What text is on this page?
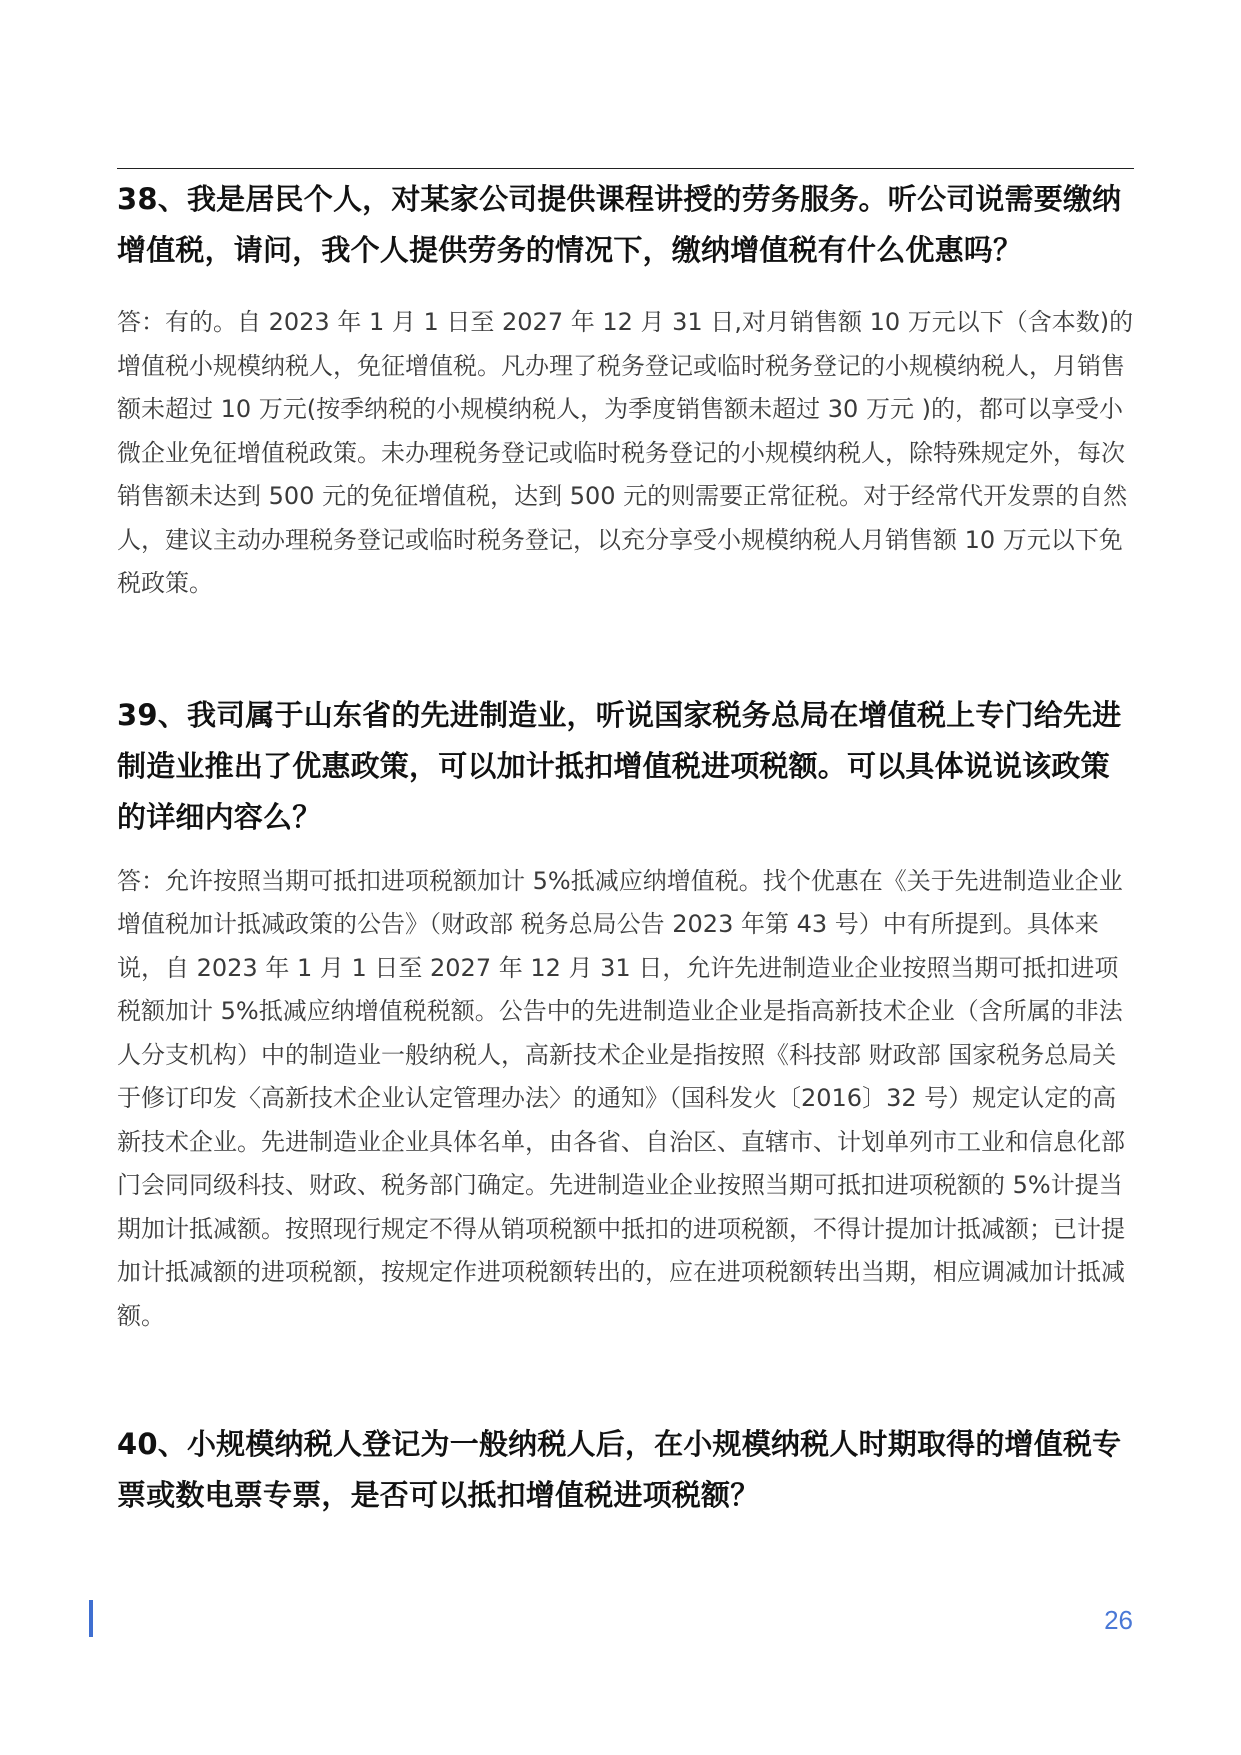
38、我是居民个人，对某家公司提供课程讲授的劳务服务。听公司说需要缴纳增值税，请问，我个人提供劳务的情况下，缴纳增值税有什么优惠吗？

答：有的。自 2023 年 1 月 1 日至 2027 年 12 月 31 日,对月销售额 10 万元以下（含本数)的增值税小规模纳税人，免征增值税。凡办理了税务登记或临时税务登记的小规模纳税人，月销售额未超过 10 万元(按季纳税的小规模纳税人，为季度销售额未超过 30 万元 )的，都可以享受小微企业免征增值税政策。未办理税务登记或临时税务登记的小规模纳税人，除特殊规定外，每次销售额未达到 500 元的免征增值税，达到 500 元的则需要正常征税。对于经常代开发票的自然人，建议主动办理税务登记或临时税务登记，以充分享受小规模纳税人月销售额 10 万元以下免税政策。

39、我司属于山东省的先进制造业，听说国家税务总局在增值税上专门给先进制造业推出了优惠政策，可以加计抵扣增值税进项税额。可以具体说说该政策的详细内容么？

答：允许按照当期可抵扣进项税额加计 5%抵减应纳增值税。找个优惠在《关于先进制造业企业增值税加计抵减政策的公告》（财政部 税务总局公告 2023 年第 43 号）中有所提到。具体来说，自 2023 年 1 月 1 日至 2027 年 12 月 31 日，允许先进制造业企业按照当期可抵扣进项税额加计 5%抵减应纳增值税税额。公告中的先进制造业企业是指高新技术企业（含所属的非法人分支机构）中的制造业一般纳税人，高新技术企业是指按照《科技部 财政部 国家税务总局关于修订印发〈高新技术企业认定管理办法〉的通知》（国科发火〔2016〕32 号）规定认定的高新技术企业。先进制造业企业具体名单，由各省、自治区、直辖市、计划单列市工业和信息化部门会同同级科技、财政、税务部门确定。先进制造业企业按照当期可抵扣进项税额的 5%计提当期加计抵减额。按照现行规定不得从销项税额中抵扣的进项税额，不得计提加计抵减额；已计提加计抵减额的进项税额，按规定作进项税额转出的，应在进项税额转出当期，相应调减加计抵减额。

40、小规模纳税人登记为一般纳税人后，在小规模纳税人时期取得的增值税专票或数电票专票，是否可以抵扣增值税进项税额？

26
